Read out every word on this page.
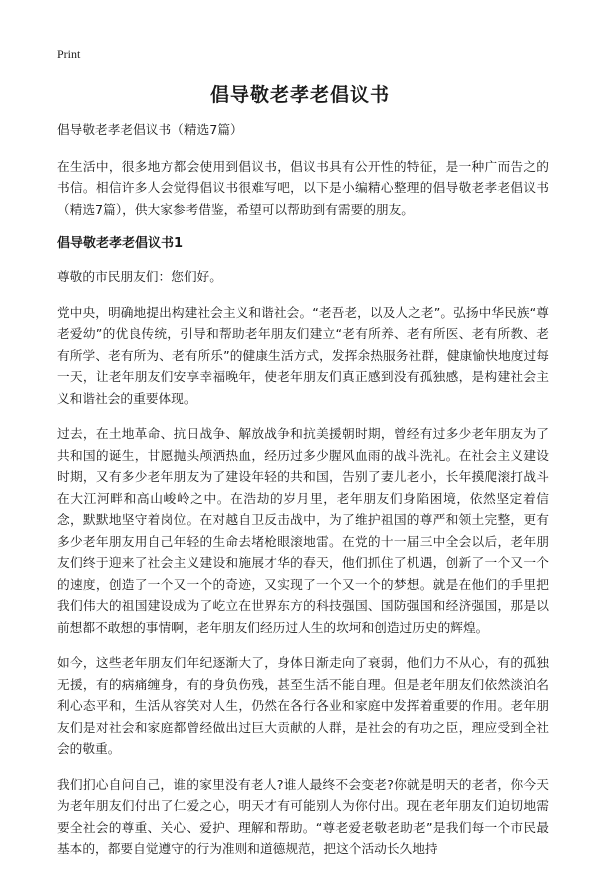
Print
倡导敬老孝老倡议书

倡导敬老孝老倡议书（精选7篇）

在生活中，很多地方都会使用到倡议书，倡议书具有公开性的特征，是一种广而告之的书信。相信许多人会觉得倡议书很难写吧，以下是小编精心整理的倡导敬老孝老倡议书（精选7篇），供大家参考借鉴，希望可以帮助到有需要的朋友。

倡导敬老孝老倡议书1

尊敬的市民朋友们：您们好。

党中央，明确地提出构建社会主义和谐社会。“老吾老，以及人之老”。弘扬中华民族“尊老爱幼”的优良传统，引导和帮助老年朋友们建立“老有所养、老有所医、老有所教、老有所学、老有所为、老有所乐”的健康生活方式，发挥余热服务社群，健康愉快地度过每一天，让老年朋友们安享幸福晚年，使老年朋友们真正感到没有孤独感，是构建社会主义和谐社会的重要体现。

过去，在土地革命、抗日战争、解放战争和抗美援朝时期，曾经有过多少老年朋友为了共和国的诞生，甘愿抛头颅洒热血，经历过多少腥风血雨的战斗洗礼。在社会主义建设时期，又有多少老年朋友为了建设年轻的共和国，告别了妻儿老小，长年摸爬滚打战斗在大江河畔和高山峻岭之中。在浩劫的岁月里，老年朋友们身陷困境，依然坚定着信念，默默地坚守着岗位。在对越自卫反击战中，为了维护祖国的尊严和领土完整，更有多少老年朋友用自己年轻的生命去堵枪眼滚地雷。在党的十一届三中全会以后，老年朋友们终于迎来了社会主义建设和施展才华的春天，他们抓住了机遇，创新了一个又一个的速度，创造了一个又一个的奇迹，又实现了一个又一个的梦想。就是在他们的手里把我们伟大的祖国建设成为了屹立在世界东方的科技强国、国防强国和经济强国，那是以前想都不敢想的事情啊，老年朋友们经历过人生的坎坷和创造过历史的辉煌。

如今，这些老年朋友们年纪逐渐大了，身体日渐走向了衰弱，他们力不从心，有的孤独无援，有的病痛缠身，有的身负伤残，甚至生活不能自理。但是老年朋友们依然淡泊名利心态平和，生活从容笑对人生，仍然在各行各业和家庭中发挥着重要的作用。老年朋友们是对社会和家庭都曾经做出过巨大贡献的人群，是社会的有功之臣，理应受到全社会的敬重。

我们扪心自问自己，谁的家里没有老人?谁人最终不会变老?你就是明天的老者，你今天为老年朋友们付出了仁爱之心，明天才有可能别人为你付出。现在老年朋友们迫切地需要全社会的尊重、关心、爱护、理解和帮助。“尊老爱老敬老助老”是我们每一个市民最基本的，都要自觉遵守的行为准则和道德规范，把这个活动长久地持
